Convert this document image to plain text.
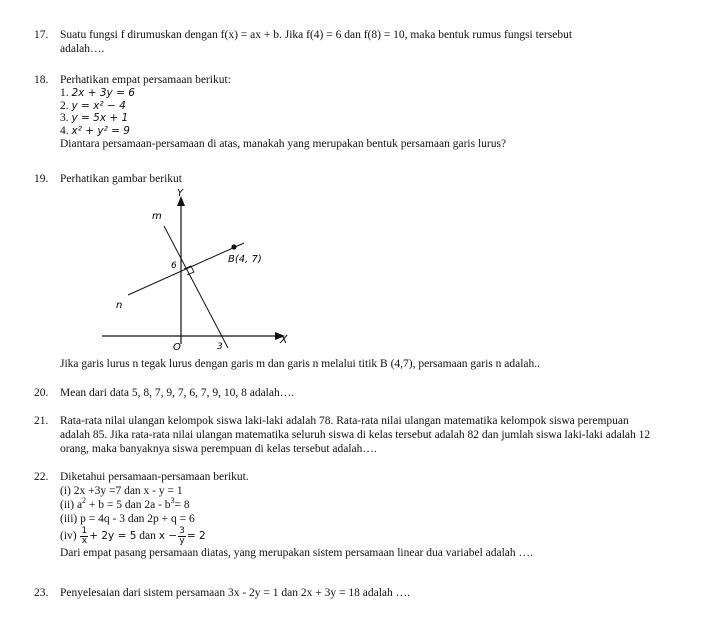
17. Suatu fungsi f dirumuskan dengan f(x) = ax + b. Jika f(4) = 6 dan f(8) = 10, maka bentuk rumus fungsi tersebut
adalah….
18. Perhatikan empat persamaan berikut:
1. 2x + 3y = 6
2. y = x² − 4
3. y = 5x + 1
4. x² + y² = 9
Diantara persamaan-persamaan di atas, manakah yang merupakan bentuk persamaan garis lurus?
19. Perhatikan gambar berikut
Y
X
m
n
6
3
O
B(4, 7)
Jika garis lurus n tegak lurus dengan garis m dan garis n melalui titik B (4,7), persamaan garis n adalah..
20. Mean dari data 5, 8, 7, 9, 7, 6, 7, 9, 10, 8 adalah….
21. Rata-rata nilai ulangan kelompok siswa laki-laki adalah 78. Rata-rata nilai ulangan matematika kelompok siswa perempuan
adalah 85. Jika rata-rata nilai ulangan matematika seluruh siswa di kelas tersebut adalah 82 dan jumlah siswa laki-laki adalah 12
orang, maka banyaknya siswa perempuan di kelas tersebut adalah….
22. Diketahui persamaan-persamaan berikut.
(i) 2x +3y =7 dan x - y = 1
(ii) $a^2 + b = 5$ dan $2a - b^3= 8$
(iii) p = 4q - 3 dan 2p + q = 6
$(iv) \frac{1}{x} + 2y = 5$ dan $x - \frac{3}{y} = 2$
Dari empat pasang persamaan diatas, yang merupakan sistem persamaan linear dua variabel adalah ….
23. Penyelesaian dari sistem persamaan 3x - 2y = 1 dan 2x + 3y = 18 adalah ….
